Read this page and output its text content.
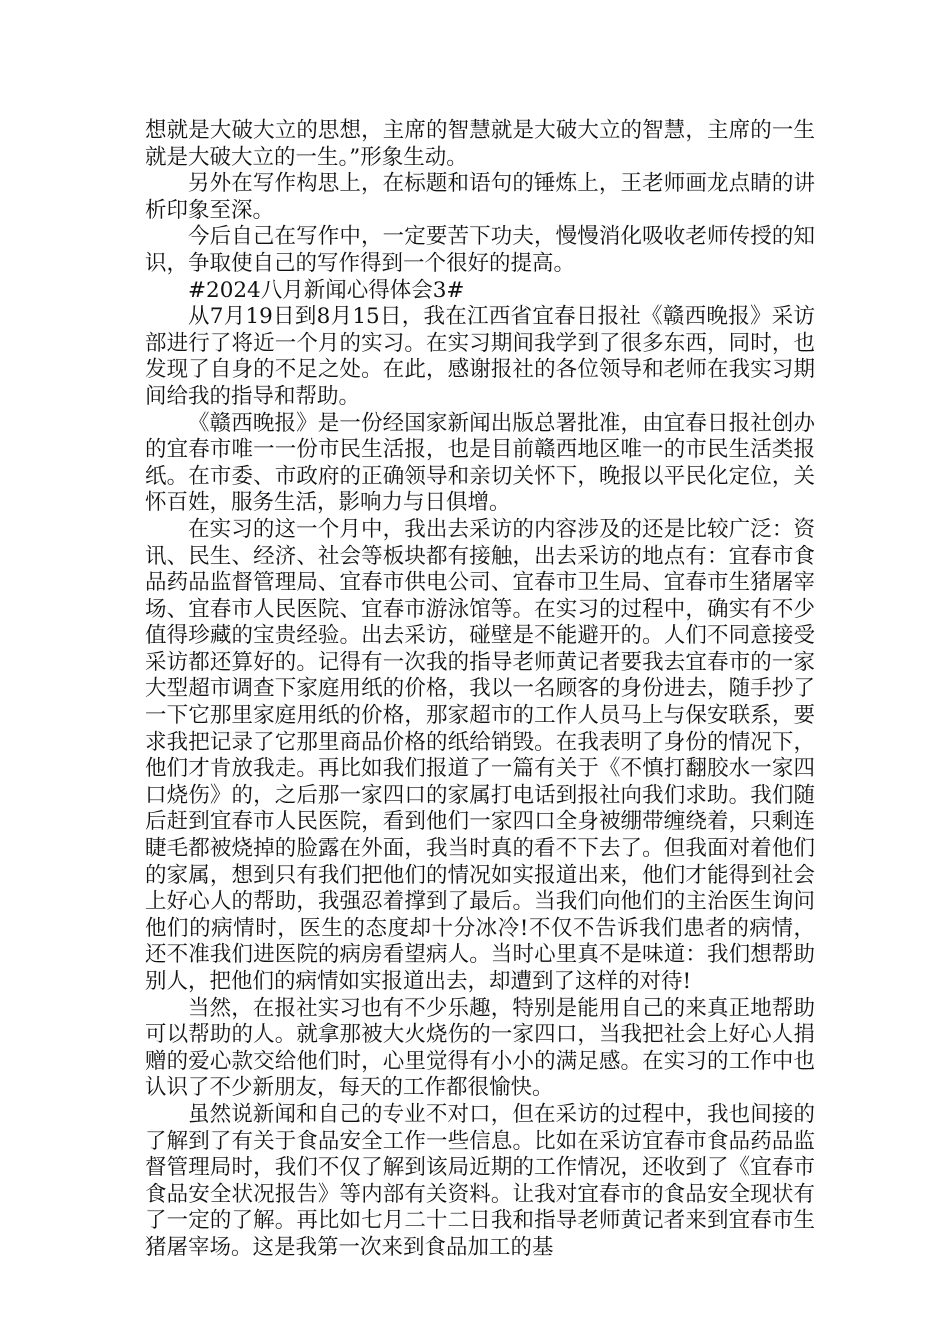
想就是大破大立的思想，主席的智慧就是大破大立的智慧，主席的一生就是大破大立的一生。”形象生动。

另外在写作构思上，在标题和语句的锤炼上，王老师画龙点睛的讲析印象至深。

今后自己在写作中，一定要苦下功夫，慢慢消化吸收老师传授的知识，争取使自己的写作得到一个很好的提高。

#2024八月新闻心得体会3#

从7月19日到8月15日，我在江西省宜春日报社《赣西晚报》采访部进行了将近一个月的实习。在实习期间我学到了很多东西，同时，也发现了自身的不足之处。在此，感谢报社的各位领导和老师在我实习期间给我的指导和帮助。

《赣西晚报》是一份经国家新闻出版总署批准，由宜春日报社创办的宜春市唯一一份市民生活报，也是目前赣西地区唯一的市民生活类报纸。在市委、市政府的正确领导和亲切关怀下，晚报以平民化定位，关怀百姓，服务生活，影响力与日俱增。

在实习的这一个月中，我出去采访的内容涉及的还是比较广泛：资讯、民生、经济、社会等板块都有接触，出去采访的地点有：宜春市食品药品监督管理局、宜春市供电公司、宜春市卫生局、宜春市生猪屠宰场、宜春市人民医院、宜春市游泳馆等。在实习的过程中，确实有不少值得珍藏的宝贵经验。出去采访，碰壁是不能避开的。人们不同意接受采访都还算好的。记得有一次我的指导老师黄记者要我去宜春市的一家大型超市调查下家庭用纸的价格，我以一名顾客的身份进去，随手抄了一下它那里家庭用纸的价格，那家超市的工作人员马上与保安联系，要求我把记录了它那里商品价格的纸给销毁。在我表明了身份的情况下，他们才肯放我走。再比如我们报道了一篇有关于《不慎打翻胶水一家四口烧伤》的，之后那一家四口的家属打电话到报社向我们求助。我们随后赶到宜春市人民医院，看到他们一家四口全身被绷带缠绕着，只剩连睫毛都被烧掉的脸露在外面，我当时真的看不下去了。但我面对着他们的家属，想到只有我们把他们的情况如实报道出来，他们才能得到社会上好心人的帮助，我强忍着撑到了最后。当我们向他们的主治医生询问他们的病情时，医生的态度却十分冰冷!不仅不告诉我们患者的病情，还不准我们进医院的病房看望病人。当时心里真不是味道：我们想帮助别人，把他们的病情如实报道出去，却遭到了这样的对待!

当然，在报社实习也有不少乐趣，特别是能用自己的来真正地帮助可以帮助的人。就拿那被大火烧伤的一家四口，当我把社会上好心人捐赠的爱心款交给他们时，心里觉得有小小的满足感。在实习的工作中也认识了不少新朋友，每天的工作都很愉快。

虽然说新闻和自己的专业不对口，但在采访的过程中，我也间接的了解到了有关于食品安全工作一些信息。比如在采访宜春市食品药品监督管理局时，我们不仅了解到该局近期的工作情况，还收到了《宜春市食品安全状况报告》等内部有关资料。让我对宜春市的食品安全现状有了一定的了解。再比如七月二十二日我和指导老师黄记者来到宜春市生猪屠宰场。这是我第一次来到食品加工的基
